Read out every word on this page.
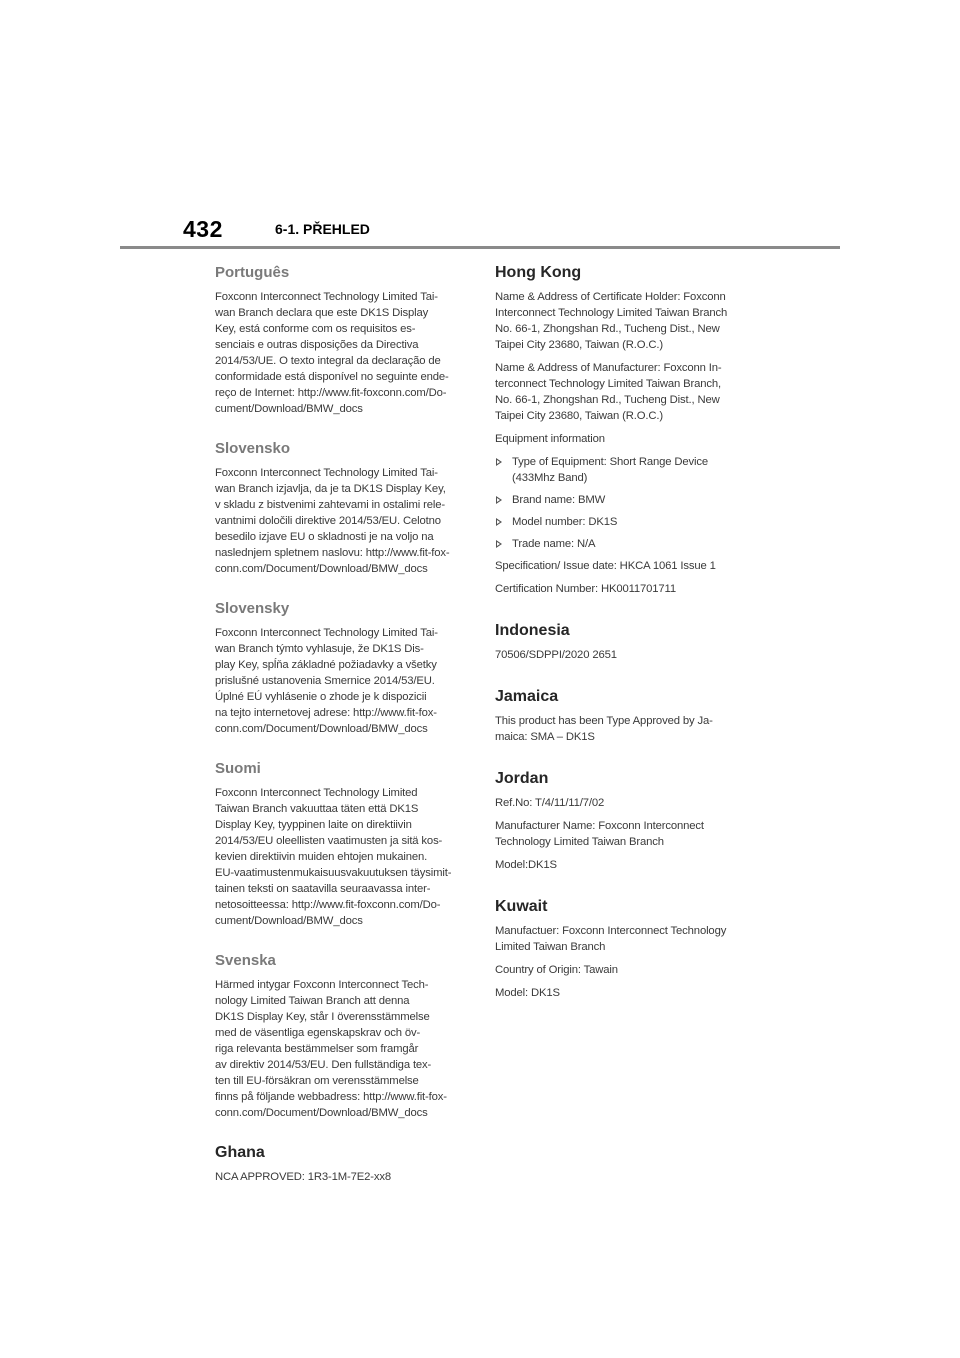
432	6-1. PŘEHLED
Português

Foxconn Interconnect Technology Limited Tai-
wan Branch declara que este DK1S Display
Key, está conforme com os requisitos es-
senciais e outras disposições da Directiva
2014/53/UE. O texto integral da declaração de
conformidade está disponível no seguinte ende-
reço de Internet: http://www.fit-foxconn.com/Do-
cument/Download/BMW_docs

Slovensko

Foxconn Interconnect Technology Limited Tai-
wan Branch izjavlja, da je ta DK1S Display Key,
v skladu z bistvenimi zahtevami in ostalimi rele-
vantnimi določili direktive 2014/53/EU. Celotno
besedilo izjave EU o skladnosti je na voljo na
naslednjem spletnem naslovu: http://www.fit-fox-
conn.com/Document/Download/BMW_docs

Slovensky

Foxconn Interconnect Technology Limited Tai-
wan Branch týmto vyhlasuje, že DK1S Dis-
play Key, spĺňa základné požiadavky a všetky
prislušné ustanovenia Smernice 2014/53/EU.
Úplné EÚ vyhlásenie o zhode je k dispozicii
na tejto internetovej adrese: http://www.fit-fox-
conn.com/Document/Download/BMW_docs

Suomi

Foxconn Interconnect Technology Limited
Taiwan Branch vakuuttaa täten että DK1S
Display Key, tyyppinen laite on direktiivin
2014/53/EU oleellisten vaatimusten ja sitä kos-
kevien direktiivin muiden ehtojen mukainen.
EU-vaatimustenmukaisuusvakuutuksen täysimit-
tainen teksti on saatavilla seuraavassa inter-
netosoitteessa: http://www.fit-foxconn.com/Do-
cument/Download/BMW_docs

Svenska

Härmed intygar Foxconn Interconnect Tech-
nology Limited Taiwan Branch att denna
DK1S Display Key, står I överensstämmelse
med de väsentliga egenskapskrav och öv-
riga relevanta bestämmelser som framgår
av direktiv 2014/53/EU. Den fullständiga tex-
ten till EU-försäkran om verensstämmelse
finns på följande webbadress: http://www.fit-fox-
conn.com/Document/Download/BMW_docs

Ghana

NCA APPROVED: 1R3-1M-7E2-xx8

Hong Kong

Name & Address of Certificate Holder: Foxconn
Interconnect Technology Limited Taiwan Branch
No. 66-1, Zhongshan Rd., Tucheng Dist., New
Taipei City 23680, Taiwan (R.O.C.)

Name & Address of Manufacturer: Foxconn In-
terconnect Technology Limited Taiwan Branch,
No. 66-1, Zhongshan Rd., Tucheng Dist., New
Taipei City 23680, Taiwan (R.O.C.)

Equipment information

Type of Equipment: Short Range Device
(433Mhz Band)
Brand name: BMW
Model number: DK1S
Trade name: N/A

Specification/ Issue date: HKCA 1061 Issue 1

Certification Number: HK0011701711

Indonesia

70506/SDPPI/2020 2651

Jamaica

This product has been Type Approved by Ja-
maica: SMA – DK1S

Jordan

Ref.No: T/4/11/11/7/02

Manufacturer Name: Foxconn Interconnect
Technology Limited Taiwan Branch

Model:DK1S

Kuwait

Manufactuer: Foxconn Interconnect Technology
Limited Taiwan Branch

Country of Origin: Tawain

Model: DK1S
